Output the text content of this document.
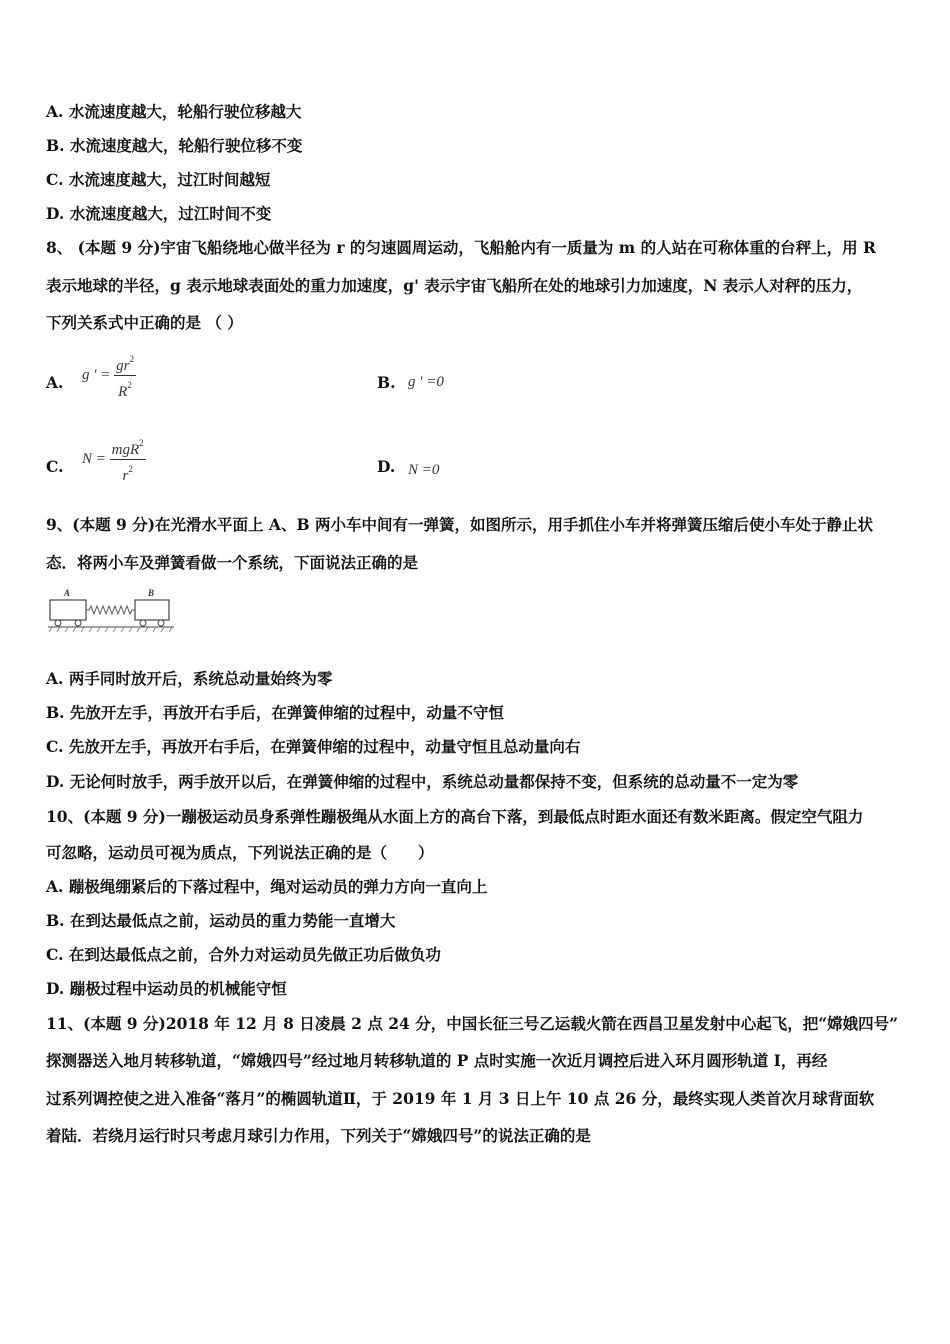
A. 水流速度越大，轮船行驶位移越大
B. 水流速度越大，轮船行驶位移不变
C. 水流速度越大，过江时间越短
D. 水流速度越大，过江时间不变
8、 (本题 9 分)宇宙飞船绕地心做半径为 r 的匀速圆周运动，飞船舱内有一质量为 m 的人站在可称体重的台秤上，用 R
表示地球的半径，g 表示地球表面处的重力加速度，g' 表示宇宙飞船所在处的地球引力加速度，N 表示人对秤的压力，
下列关系式中正确的是 （ ）
A. g ' = $\frac{gr^2}{R^2}$	B. g ' =0
C. $N = \frac{mgR^2}{r^2}$	D. N =0
9、(本题 9 分)在光滑水平面上 A、B 两小车中间有一弹簧，如图所示，用手抓住小车并将弹簧压缩后使小车处于静止状
态．将两小车及弹簧看做一个系统，下面说法正确的是
A	B
A. 两手同时放开后，系统总动量始终为零
B. 先放开左手，再放开右手后，在弹簧伸缩的过程中，动量不守恒
C. 先放开左手，再放开右手后，在弹簧伸缩的过程中，动量守恒且总动量向右
D. 无论何时放手，两手放开以后，在弹簧伸缩的过程中，系统总动量都保持不变，但系统的总动量不一定为零
10、(本题 9 分)一蹦极运动员身系弹性蹦极绳从水面上方的高台下落，到最低点时距水面还有数米距离。假定空气阻力
可忽略，运动员可视为质点，下列说法正确的是（　　）
A. 蹦极绳绷紧后的下落过程中，绳对运动员的弹力方向一直向上
B. 在到达最低点之前，运动员的重力势能一直增大
C. 在到达最低点之前，合外力对运动员先做正功后做负功
D. 蹦极过程中运动员的机械能守恒
11、(本题 9 分)2018 年 12 月 8 日凌晨 2 点 24 分，中国长征三号乙运载火箭在西昌卫星发射中心起飞，把“嫦娥四号”
探测器送入地月转移轨道，“嫦娥四号”经过地月转移轨道的 P 点时实施一次近月调控后进入环月圆形轨道 I，再经
过系列调控使之进入准备“落月”的椭圆轨道Ⅱ，于 2019 年 1 月 3 日上午 10 点 26 分，最终实现人类首次月球背面软
着陆．若绕月运行时只考虑月球引力作用，下列关于“嫦娥四号”的说法正确的是
